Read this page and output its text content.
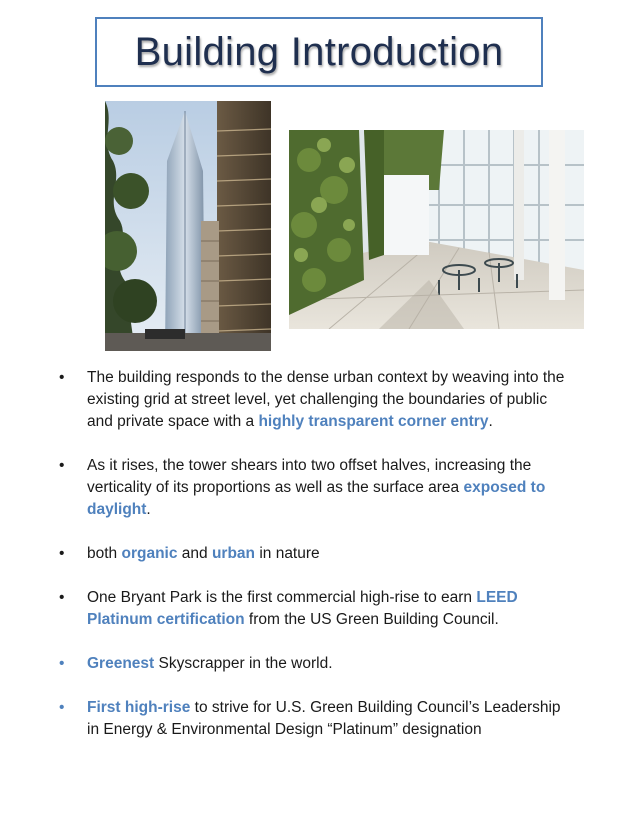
Building Introduction
• The building responds to the dense urban context by weaving into the existing grid at street level, yet challenging the boundaries of public and private space with a highly transparent corner entry.
• As it rises, the tower shears into two offset halves, increasing the verticality of its proportions as well as the surface area exposed to daylight.
• both organic and urban in nature
• One Bryant Park is the first commercial high-rise to earn LEED Platinum certification from the US Green Building Council.
• Greenest Skyscrapper in the world.
• First high-rise to strive for U.S. Green Building Council’s Leadership in Energy & Environmental Design “Platinum” designation
